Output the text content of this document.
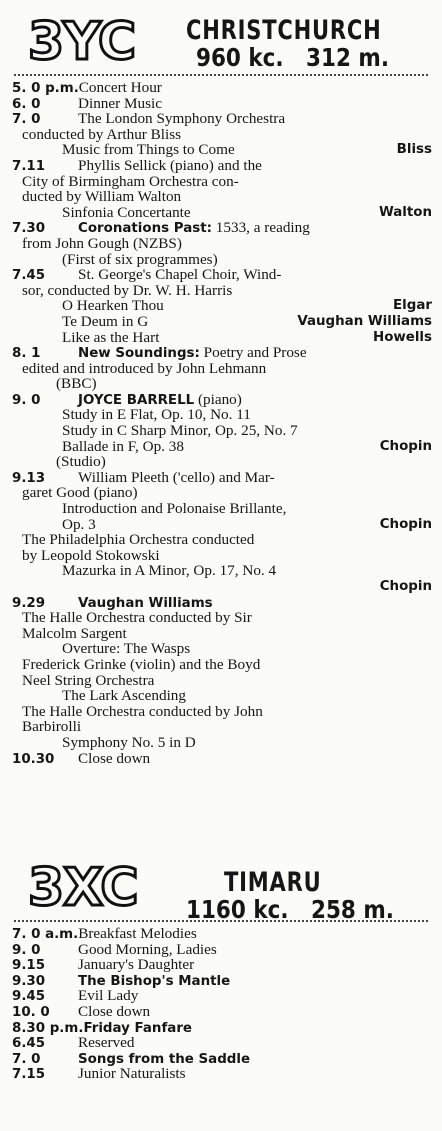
3YC CHRISTCHURCH
960 kc. 312 m.
5. 0 p.m.Concert Hour
6. 0 Dinner Music
7. 0 The London Symphony Orchestra
conducted by Arthur Bliss
Music from Things to Come	Bliss
7.11 Phyllis Sellick (piano) and the
City of Birmingham Orchestra con-
ducted by William Walton
Sinfonia Concertante	Walton
7.30 Coronations Past: 1533, a reading
from John Gough (NZBS)
(First of six programmes)
7.45 St. George's Chapel Choir, Wind-
sor, conducted by Dr. W. H. Harris
O Hearken Thou	Elgar
Te Deum in G	Vaughan Williams
Like as the Hart	Howells
8. 1	New Soundings: Poetry and Prose
edited and introduced by John Lehmann
(BBC)
9. 0	JOYCE BARRELL (piano)
Study in E Flat, Op. 10, No. 11
Study in C Sharp Minor, Op. 25, No. 7
Ballade in F, Op. 38	Chopin
(Studio)
9.13 William Pleeth ('cello) and Mar-
garet Good (piano)
Introduction and Polonaise Brillante,
Op. 3	Chopin
The Philadelphia Orchestra conducted
by Leopold Stokowski
Mazurka in A Minor, Op. 17, No. 4
Chopin
9.29 Vaughan Williams
The Halle Orchestra conducted by Sir
Malcolm Sargent
Overture: The Wasps
Frederick Grinke (violin) and the Boyd
Neel String Orchestra
The Lark Ascending
The Halle Orchestra conducted by John
Barbirolli
Symphony No. 5 in D
10.30 Close down
3XC	TIMARU
1160 kc. 258 m.
7. 0 a.m.Breakfast Melodies
9. 0 Good Morning, Ladies
9.15 January's Daughter
9.30 The Bishop's Mantle
9.45 Evil Lady
10. 0 Close down
8.30 p.m.Friday Fanfare
6.45 Reserved
7. 0	Songs from the Saddle
7.15 Junior Naturalists
